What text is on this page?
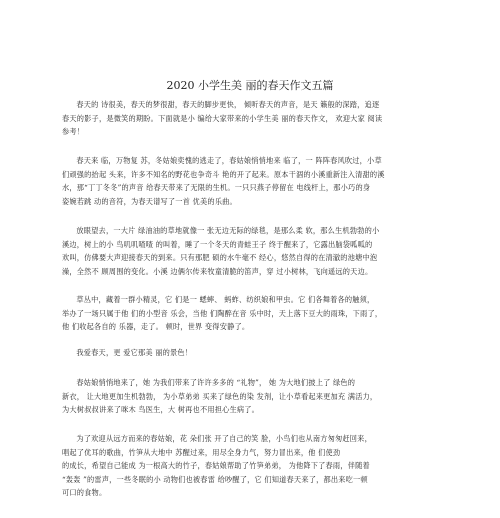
2020 小学生美 丽的春天作文五篇
春天的 诗很美，春天的梦很甜，春天的脚步更快， 倾听春天的声音，是天 籁般的深踏，追逐
春天的影子，是微笑的期盼。下面就是小 编给大家带来的小学生美 丽的春天作文， 欢迎大家 阅读
参考！
春天来 临，万物复 苏，冬姑娘奕愧的逃走了，春姑娘悄悄地来 临了，一 阵阵春风吹过，小草
们顽强的抬起 头来，许多不知名的野花也争奇斗 艳的开了起来。原本干涸的小溪重新注入清甜的溪
水，那“丁丁冬冬”的声音 给春天带来了无限的生机。一只只燕子停留在 电线杆上，那小巧的身
姿婉若跳 动的音符，为春天谱写了一首 优美的乐曲。
放眼望去，一大片 绿油油的草地就像一 张无边无际的绿毯，是那么柔 软，那么生机勃勃的小
溪边，树上的小 鸟叽叽喳喳 的叫着，睡了一个冬天的青蛙王子 终于醒来了，它露出脑袋呱呱的
欢叫，仿佛要大声迎接春天的到来。只有那肥 硕的水牛毫不 经心，悠然自得的在清澈的池塘中泡
澡，全然不 顾周围的变化。小溪 边俩尔传来牧童清脆的笛声，穿 过小树林，飞向遥远的天边。
草丛中，藏着一群小精灵，它 们是一 蟋蟀、 蚂蚱、纺织娘和甲虫。它 们各舞着各的触须，
举办了一场只属于他 们的小型音 乐会，当他 们陶醉在音 乐中时，天上落下豆大的雨珠，下雨了，
他 们收起各自的 乐器，走了。 顿时，世界 变得安静了。
我爱春天，更 爱它那美 丽的景色！
春姑娘悄悄地来了，她 为我们带来了许许多多的 “礼物”， 她 为大地们披上了 绿色的
新衣， 让大地更加生机勃勃， 为小草弟弟 买来了绿色的染 发剂，让小草看起来更加充 满活力，
为大树叔叔讲来了咪木 鸟医生，大 树再也不用担心生病了。
为了欢迎从远方而来的春姑娘，花 朵们张 开了自己的笑 脸，小鸟们也从南方匆匆赶回来，
唱起了优耳的歌曲，竹笋从大地中 苏醒过来，用尽全身力气，努力冒出来，他 们使劲
的成长，希望自己能成 为一根高大的竹子，春姑娘帮助了竹笋弟弟， 为他降下了春雨，伴随着
“轰轰 ”的雷声，一些冬眠的小 动物们也被春雷 给吵醒了，它 们知道春天来了，都出来吃一顿
可口的食物。
